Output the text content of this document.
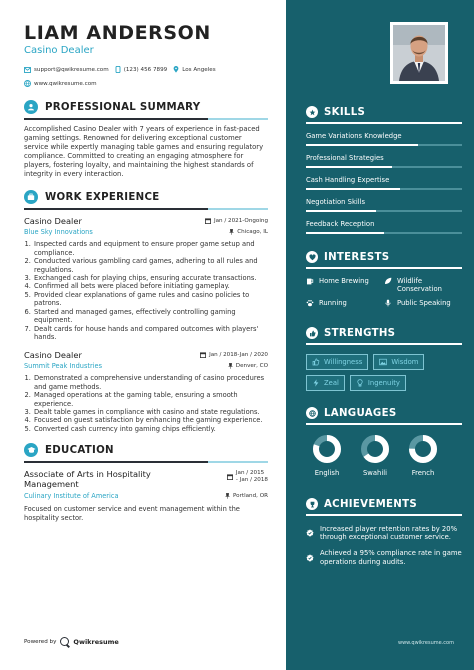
LIAM ANDERSON
Casino Dealer
support@qwikresume.com	(123) 456 7899	Los Angeles
www.qwikresume.com
PROFESSIONAL SUMMARY

Accomplished Casino Dealer with 7 years of experience in fast-paced gaming settings. Renowned for delivering exceptional customer service while expertly managing table games and ensuring regulatory compliance. Committed to creating an engaging atmosphere for players, fostering loyalty, and maintaining the highest standards of integrity in every interaction.

WORK EXPERIENCE
Casino Dealer	Jan / 2021-Ongoing
Blue Sky Innovations	Chicago, IL
1. Inspected cards and equipment to ensure proper game setup and compliance.
2. Conducted various gambling card games, adhering to all rules and regulations.
3. Exchanged cash for playing chips, ensuring accurate transactions.
4. Confirmed all bets were placed before initiating gameplay.
5. Provided clear explanations of game rules and casino policies to patrons.
6. Started and managed games, effectively controlling gaming equipment.
7. Dealt cards for house hands and compared outcomes with players' hands.
Casino Dealer	Jan / 2018-Jan / 2020
Summit Peak Industries	Denver, CO
1. Demonstrated a comprehensive understanding of casino procedures and game methods.
2. Managed operations at the gaming table, ensuring a smooth experience.
3. Dealt table games in compliance with casino and state regulations.
4. Focused on guest satisfaction by enhancing the gaming experience.
5. Converted cash currency into gaming chips efficiently.
EDUCATION
Associate of Arts in Hospitality Management
Jan / 2015
- Jan / 2018
Culinary Institute of America	Portland, OR

Focused on customer service and event management within the hospitality sector.

Powered by	Qwikresume
SKILLS
Game Variations Knowledge
Professional Strategies
Cash Handling Expertise
Negotiation Skills
Feedback Reception
INTERESTS
Home Brewing	Wildlife Conservation
Running	Public Speaking
STRENGTHS
Willingness	Wisdom
Zeal	Ingenuity
LANGUAGES
English	Swahili	French
ACHIEVEMENTS
Increased player retention rates by 20% through exceptional customer service.
Achieved a 95% compliance rate in game operations during audits.
www.qwikresume.com
